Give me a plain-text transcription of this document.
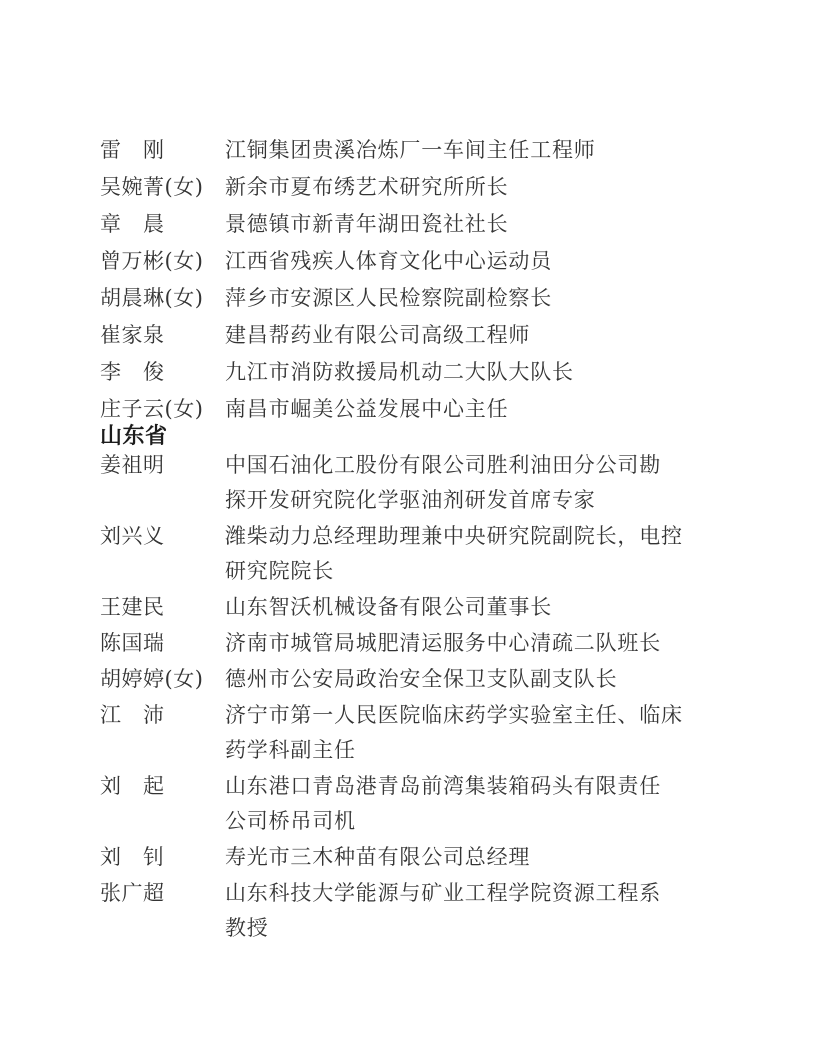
雷　刚	江铜集团贵溪冶炼厂一车间主任工程师
吴婉菁(女)	新余市夏布绣艺术研究所所长
章　晨	景德镇市新青年湖田瓷社社长
曾万彬(女)	江西省残疾人体育文化中心运动员
胡晨琳(女)	萍乡市安源区人民检察院副检察长
崔家泉	建昌帮药业有限公司高级工程师
李　俊	九江市消防救援局机动二大队大队长
庄子云(女)	南昌市崛美公益发展中心主任
山东省
姜祖明	中国石油化工股份有限公司胜利油田分公司勘
探开发研究院化学驱油剂研发首席专家
刘兴义	潍柴动力总经理助理兼中央研究院副院长，电控
研究院院长
王建民	山东智沃机械设备有限公司董事长
陈国瑞	济南市城管局城肥清运服务中心清疏二队班长
胡婷婷(女)	德州市公安局政治安全保卫支队副支队长
江　沛	济宁市第一人民医院临床药学实验室主任、临床
药学科副主任
刘　起	山东港口青岛港青岛前湾集装箱码头有限责任
公司桥吊司机
刘　钊	寿光市三木种苗有限公司总经理
张广超	山东科技大学能源与矿业工程学院资源工程系
教授
